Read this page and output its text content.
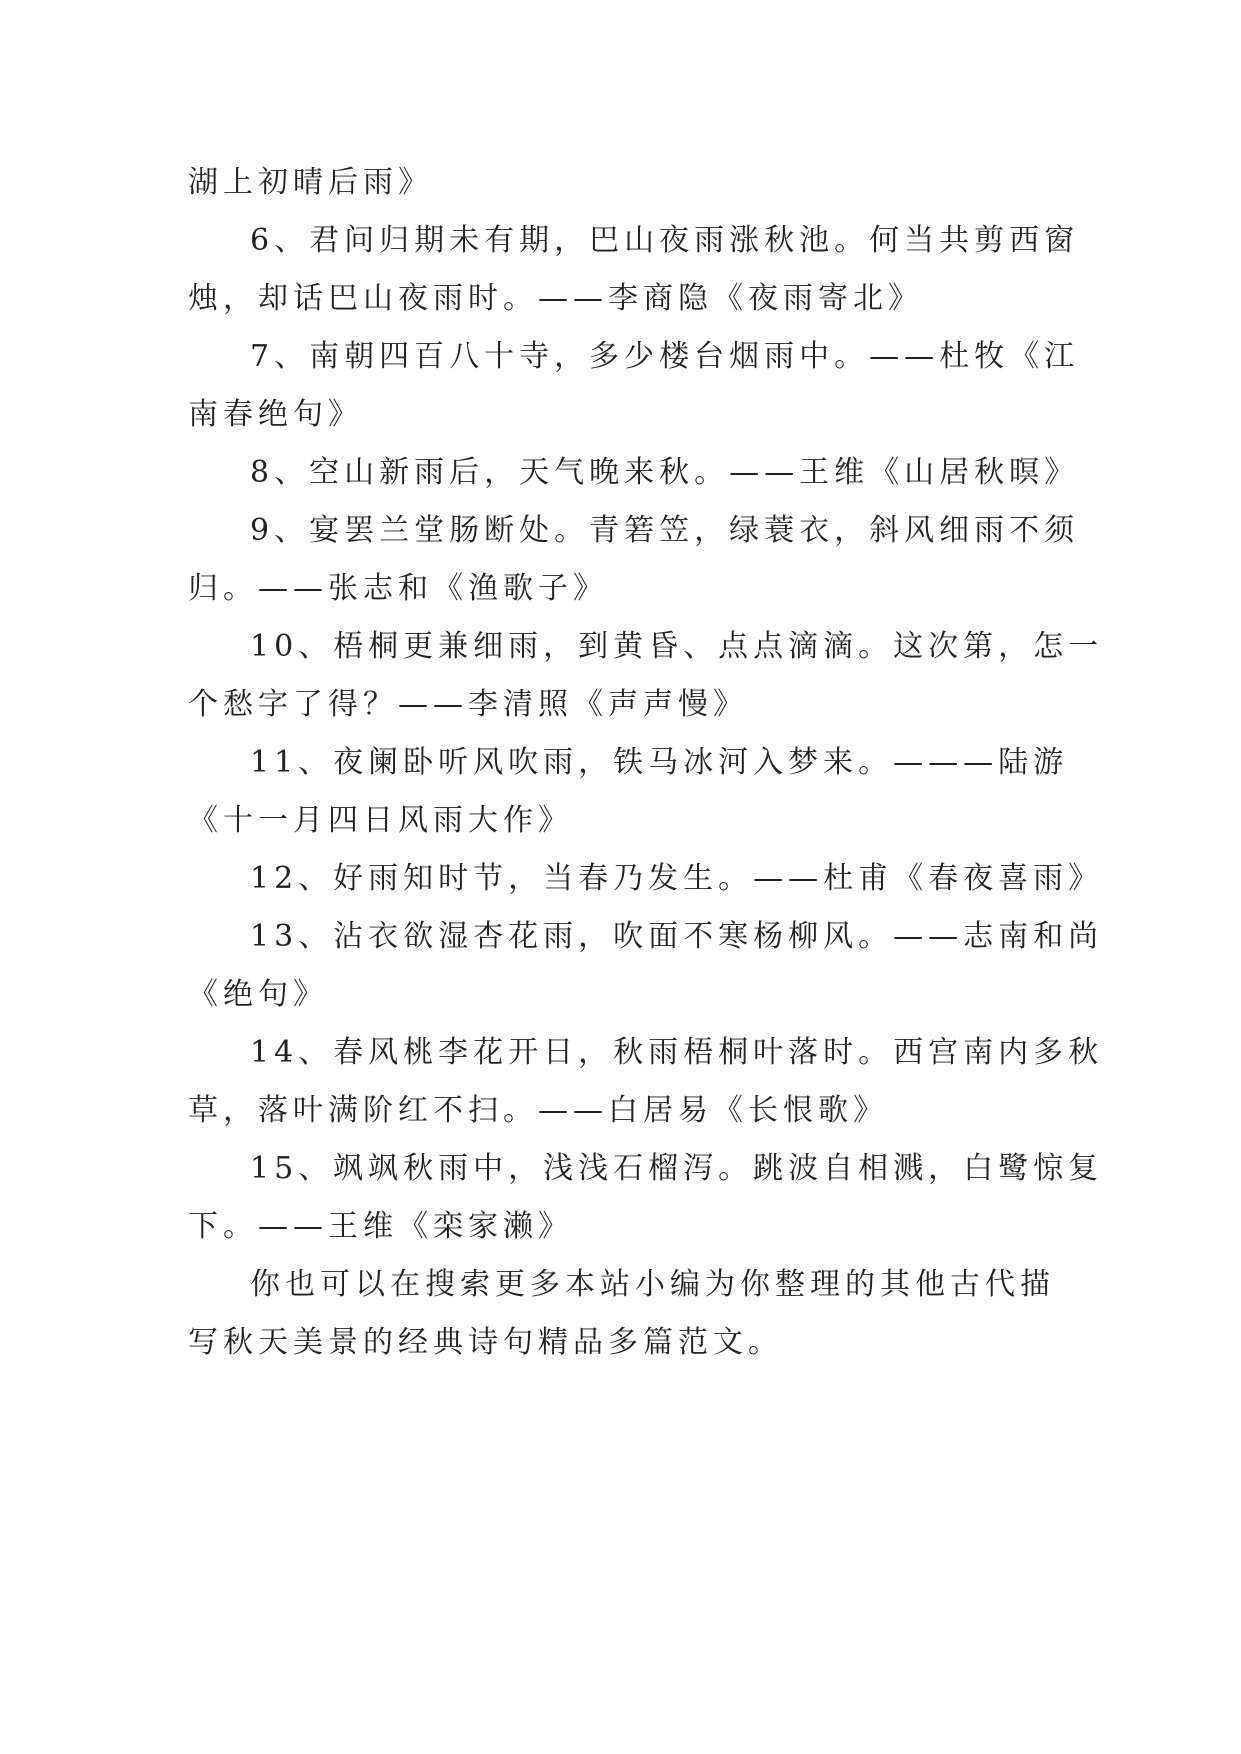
湖上初晴后雨》
6、君问归期未有期，巴山夜雨涨秋池。何当共剪西窗
烛，却话巴山夜雨时。——李商隐《夜雨寄北》
7、南朝四百八十寺，多少楼台烟雨中。——杜牧《江
南春绝句》
8、空山新雨后，天气晚来秋。——王维《山居秋暝》
9、宴罢兰堂肠断处。青箬笠，绿蓑衣，斜风细雨不须
归。——张志和《渔歌子》
10、梧桐更兼细雨，到黄昏、点点滴滴。这次第，怎一
个愁字了得？——李清照《声声慢》
11、夜阑卧听风吹雨，铁马冰河入梦来。———陆游
《十一月四日风雨大作》
12、好雨知时节，当春乃发生。——杜甫《春夜喜雨》
13、沾衣欲湿杏花雨，吹面不寒杨柳风。——志南和尚
《绝句》
14、春风桃李花开日，秋雨梧桐叶落时。西宫南内多秋
草，落叶满阶红不扫。——白居易《长恨歌》
15、飒飒秋雨中，浅浅石榴泻。跳波自相溅，白鹭惊复
下。——王维《栾家濑》
你也可以在搜索更多本站小编为你整理的其他古代描
写秋天美景的经典诗句精品多篇范文。
